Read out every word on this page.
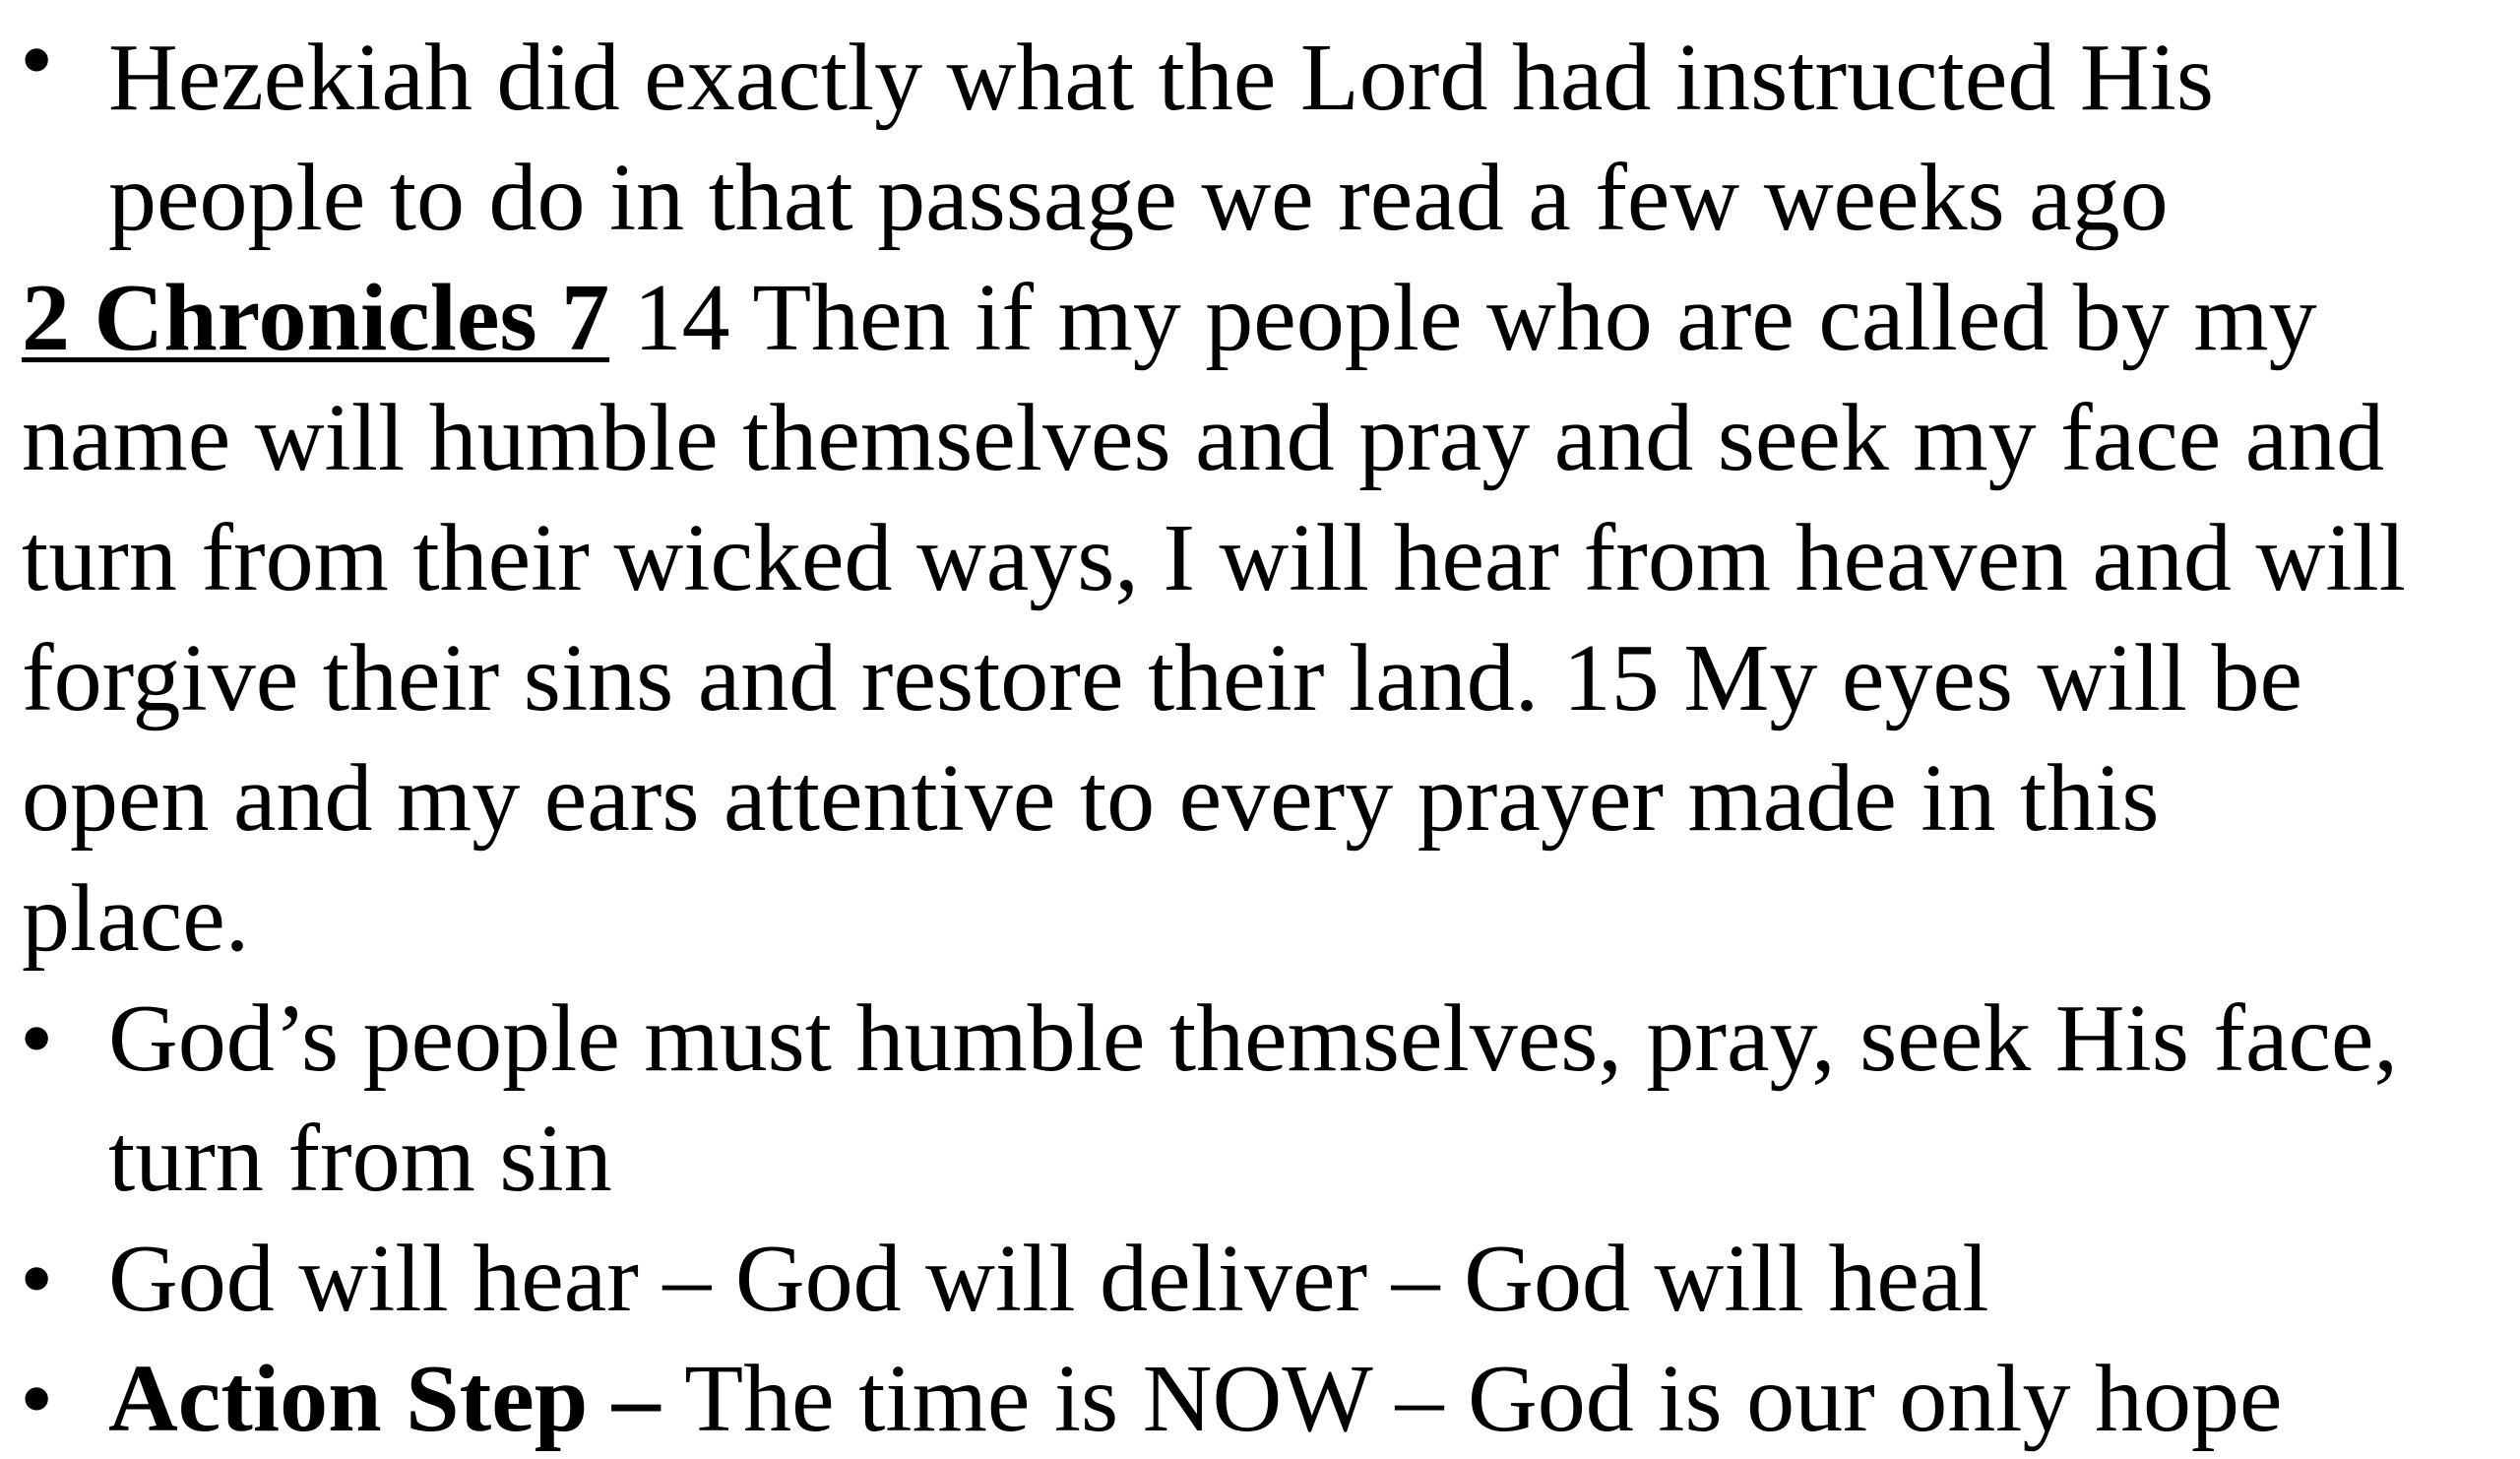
• Hezekiah did exactly what the Lord had instructed His
people to do in that passage we read a few weeks ago
2 Chronicles 7 14 Then if my people who are called by my
name will humble themselves and pray and seek my face and
turn from their wicked ways, I will hear from heaven and will
forgive their sins and restore their land. 15 My eyes will be
open and my ears attentive to every prayer made in this
place.
• God’s people must humble themselves, pray, seek His face,
turn from sin
• God will hear – God will deliver – God will heal
• Action Step – The time is NOW – God is our only hope
